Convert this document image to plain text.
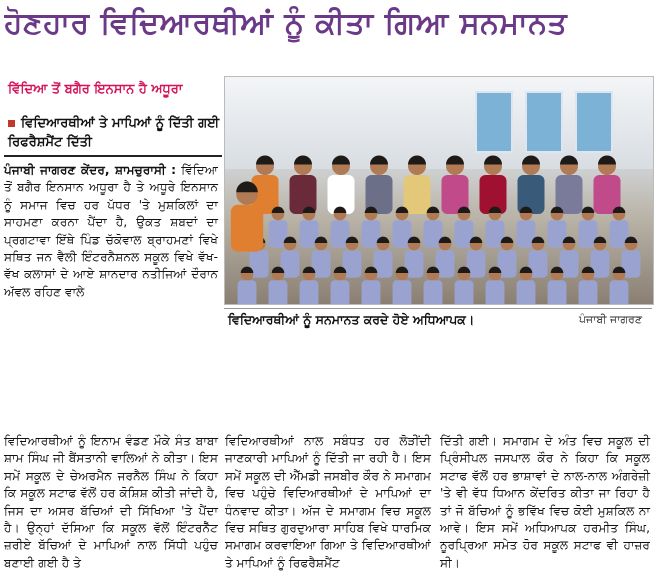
ਹੋਣਹਾਰ ਵਿਦਿਆਰਥੀਆਂ ਨੂੰ ਕੀਤਾ ਗਿਆ ਸਨਮਾਨਤ
ਵਿੱਦਿਆ ਤੋਂ ਬਗੈਰ ਇਨਸਾਨ ਹੈ ਅਧੂਰਾ
ਵਿਦਿਆਰਥੀਆਂ ਤੇ ਮਾਪਿਆਂ ਨੂੰ ਦਿੱਤੀ ਗਈ ਰਿਫਰੈਸ਼ਮੈਂਟ ਦਿੱਤੀ
ਪੰਜਾਬੀ ਜਾਗਰਣ ਕੇਂਦਰ, ਸ਼ਾਮਚੁਰਾਸੀ : ਵਿੱਦਿਆ ਤੋਂ ਬਗੈਰ ਇਨਸਾਨ ਅਧੂਰਾ ਹੈ ਤੇ ਅਧੂਰੇ ਇਨਸਾਨ ਨੂੰ ਸਮਾਜ ਵਿਚ ਹਰ ਪੱਧਰ 'ਤੇ ਮੁਸ਼ਕਿਲਾਂ ਦਾ ਸਾਹਮਣਾ ਕਰਨਾ ਪੈਂਦਾ ਹੈ, ਉਕਤ ਸ਼ਬਦਾਂ ਦਾ ਪ੍ਰਗਟਾਵਾ ਇੱਥੇ ਪਿੰਡ ਚੱਕੋਵਾਲ ਬ੍ਰਾਹਮਣਾਂ ਵਿਖੇ ਸਥਿਤ ਜਨ ਵੈਲੀ ਇੰਟਰਨੈਸ਼ਨਲ ਸਕੂਲ ਵਿਖੇ ਵੱਖ-ਵੱਖ ਕਲਾਸਾਂ ਦੇ ਆਏ ਸ਼ਾਨਦਾਰ ਨਤੀਜਿਆਂ ਦੌਰਾਨ ਅੱਵਲ ਰਹਿਣ ਵਾਲੇ
ਵਿਦਿਆਰਥੀਆਂ ਨੂੰ ਸਨਮਾਨਤ ਕਰਦੇ ਹੋਏ ਅਧਿਆਪਕ।	ਪੰਜਾਬੀ ਜਾਗਰਣ
ਵਿਦਿਆਰਥੀਆਂ ਨੂੰ ਇਨਾਮ ਵੰਡਣ ਮੌਕੇ ਸੰਤ ਬਾਬਾ ਸ਼ਾਮ ਸਿੰਘ ਜੀ ਬੈਂਸਤਾਨੀ ਵਾਲਿਆਂ ਨੇ ਕੀਤਾ। ਇਸ ਸਮੇਂ ਸਕੂਲ ਦੇ ਚੇਅਰਮੈਨ ਜਰਨੈਲ ਸਿੰਘ ਨੇ ਕਿਹਾ ਕਿ ਸਕੂਲ ਸਟਾਫ ਵੱਲੋਂ ਹਰ ਕੋਸ਼ਿਸ਼ ਕੀਤੀ ਜਾਂਦੀ ਹੈ, ਜਿਸ ਦਾ ਅਸਰ ਬੱਚਿਆਂ ਦੀ ਸਿੱਖਿਆ 'ਤੇ ਪੈਂਦਾ ਹੈ। ਉਨ੍ਹਾਂ ਦੱਸਿਆ ਕਿ ਸਕੂਲ ਵੱਲੋਂ ਇੰਟਰਨੈੱਟ ਜ਼ਰੀਏ ਬੱਚਿਆਂ ਦੇ ਮਾਪਿਆਂ ਨਾਲ ਸਿੱਧੀ ਪਹੁੰਚ ਬਣਾਈ ਗਈ ਹੈ ਤੇ
ਵਿਦਿਆਰਥੀਆਂ ਨਾਲ ਸਬੰਧਤ ਹਰ ਲੋੜੀਂਦੀ ਜਾਣਕਾਰੀ ਮਾਪਿਆਂ ਨੂੰ ਦਿੱਤੀ ਜਾ ਰਹੀ ਹੈ। ਇਸ ਸਮੇਂ ਸਕੂਲ ਦੀ ਐੱਮਡੀ ਜਸਬੀਰ ਕੌਰ ਨੇ ਸਮਾਗਮ ਵਿਚ ਪਹੁੰਚੇ ਵਿਦਿਆਰਥੀਆਂ ਦੇ ਮਾਪਿਆਂ ਦਾ ਧੰਨਵਾਦ ਕੀਤਾ। ਅੱਜ ਦੇ ਸਮਾਗਮ ਵਿਚ ਸਕੂਲ ਵਿਚ ਸਥਿਤ ਗੁਰਦੁਆਰਾ ਸਾਹਿਬ ਵਿਖੇ ਧਾਰਮਿਕ ਸਮਾਗਮ ਕਰਵਾਇਆ ਗਿਆ ਤੇ ਵਿਦਿਆਰਥੀਆਂ ਤੇ ਮਾਪਿਆਂ ਨੂੰ ਰਿਫਰੈਸ਼ਮੈਂਟ
ਦਿੱਤੀ ਗਈ। ਸਮਾਗਮ ਦੇ ਅੰਤ ਵਿਚ ਸਕੂਲ ਦੀ ਪ੍ਰਿੰਸੀਪਲ ਜਸਪਾਲ ਕੌਰ ਨੇ ਕਿਹਾ ਕਿ ਸਕੂਲ ਸਟਾਫ ਵੱਲੋਂ ਹਰ ਭਾਸ਼ਾਵਾਂ ਦੇ ਨਾਲ-ਨਾਲ ਅੰਗਰੇਜ਼ੀ 'ਤੇ ਵੀ ਵੱਧ ਧਿਆਨ ਕੇਂਦਰਿਤ ਕੀਤਾ ਜਾ ਰਿਹਾ ਹੈ ਤਾਂ ਜੋ ਬੱਚਿਆਂ ਨੂੰ ਭਵਿੱਖ ਵਿਚ ਕੋਈ ਮੁਸ਼ਕਿਲ ਨਾ ਆਵੇ। ਇਸ ਸਮੇਂ ਅਧਿਆਪਕ ਹਰਮੀਤ ਸਿੰਘ, ਨੂਰਪ੍ਰਿਆ ਸਮੇਤ ਹੋਰ ਸਕੂਲ ਸਟਾਫ ਵੀ ਹਾਜ਼ਰ ਸੀ।
